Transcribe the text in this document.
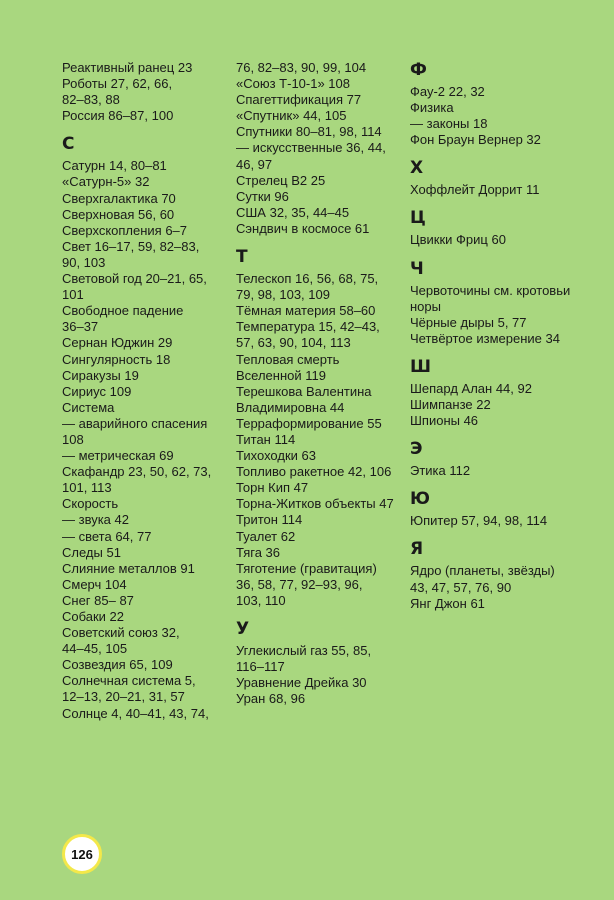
Реактивный ранец 23
Роботы 27, 62, 66,
82–83, 88
Россия 86–87, 100
С
Сатурн 14, 80–81
«Сатурн-5» 32
Сверхгалактика 70
Сверхновая 56, 60
Сверхскопления 6–7
Свет 16–17, 59, 82–83,
90, 103
Световой год 20–21, 65,
101
Свободное падение
36–37
Сернан Юджин 29
Сингулярность 18
Сиракузы 19
Сириус 109
Система
— аварийного спасения
108
— метрическая 69
Скафандр 23, 50, 62, 73,
101, 113
Скорость
— звука 42
— света 64, 77
Следы 51
Слияние металлов 91
Смерч 104
Снег 85– 87
Собаки 22
Советский союз 32,
44–45, 105
Созвездия 65, 109
Солнечная система 5,
12–13, 20–21, 31, 57
Солнце 4, 40–41, 43, 74,
76, 82–83, 90, 99, 104
«Союз Т-10-1» 108
Спагеттификация 77
«Спутник» 44, 105
Спутники 80–81, 98, 114
— искусственные 36, 44,
46, 97
Стрелец В2 25
Сутки 96
США 32, 35, 44–45
Сэндвич в космосе 61
Т
Телескоп 16, 56, 68, 75,
79, 98, 103, 109
Тёмная материя 58–60
Температура 15, 42–43,
57, 63, 90, 104, 113
Тепловая смерть
Вселенной 119
Терешкова Валентина
Владимировна 44
Терраформирование 55
Титан 114
Тихоходки 63
Топливо ракетное 42, 106
Торн Кип 47
Торна-Житков объекты 47
Тритон 114
Туалет 62
Тяга 36
Тяготение (гравитация)
36, 58, 77, 92–93, 96,
103, 110
У
Углекислый газ 55, 85,
116–117
Уравнение Дрейка 30
Уран 68, 96
Ф
Фау-2 22, 32
Физика
— законы 18
Фон Браун Вернер 32
Х
Хоффлейт Доррит 11
Ц
Цвикки Фриц 60
Ч
Червоточины см. кротовьи
норы
Чёрные дыры 5, 77
Четвёртое измерение 34
Ш
Шепард Алан 44, 92
Шимпанзе 22
Шпионы 46
Э
Этика 112
Ю
Юпитер 57, 94, 98, 114
Я
Ядро (планеты, звёзды)
43, 47, 57, 76, 90
Янг Джон 61
126
